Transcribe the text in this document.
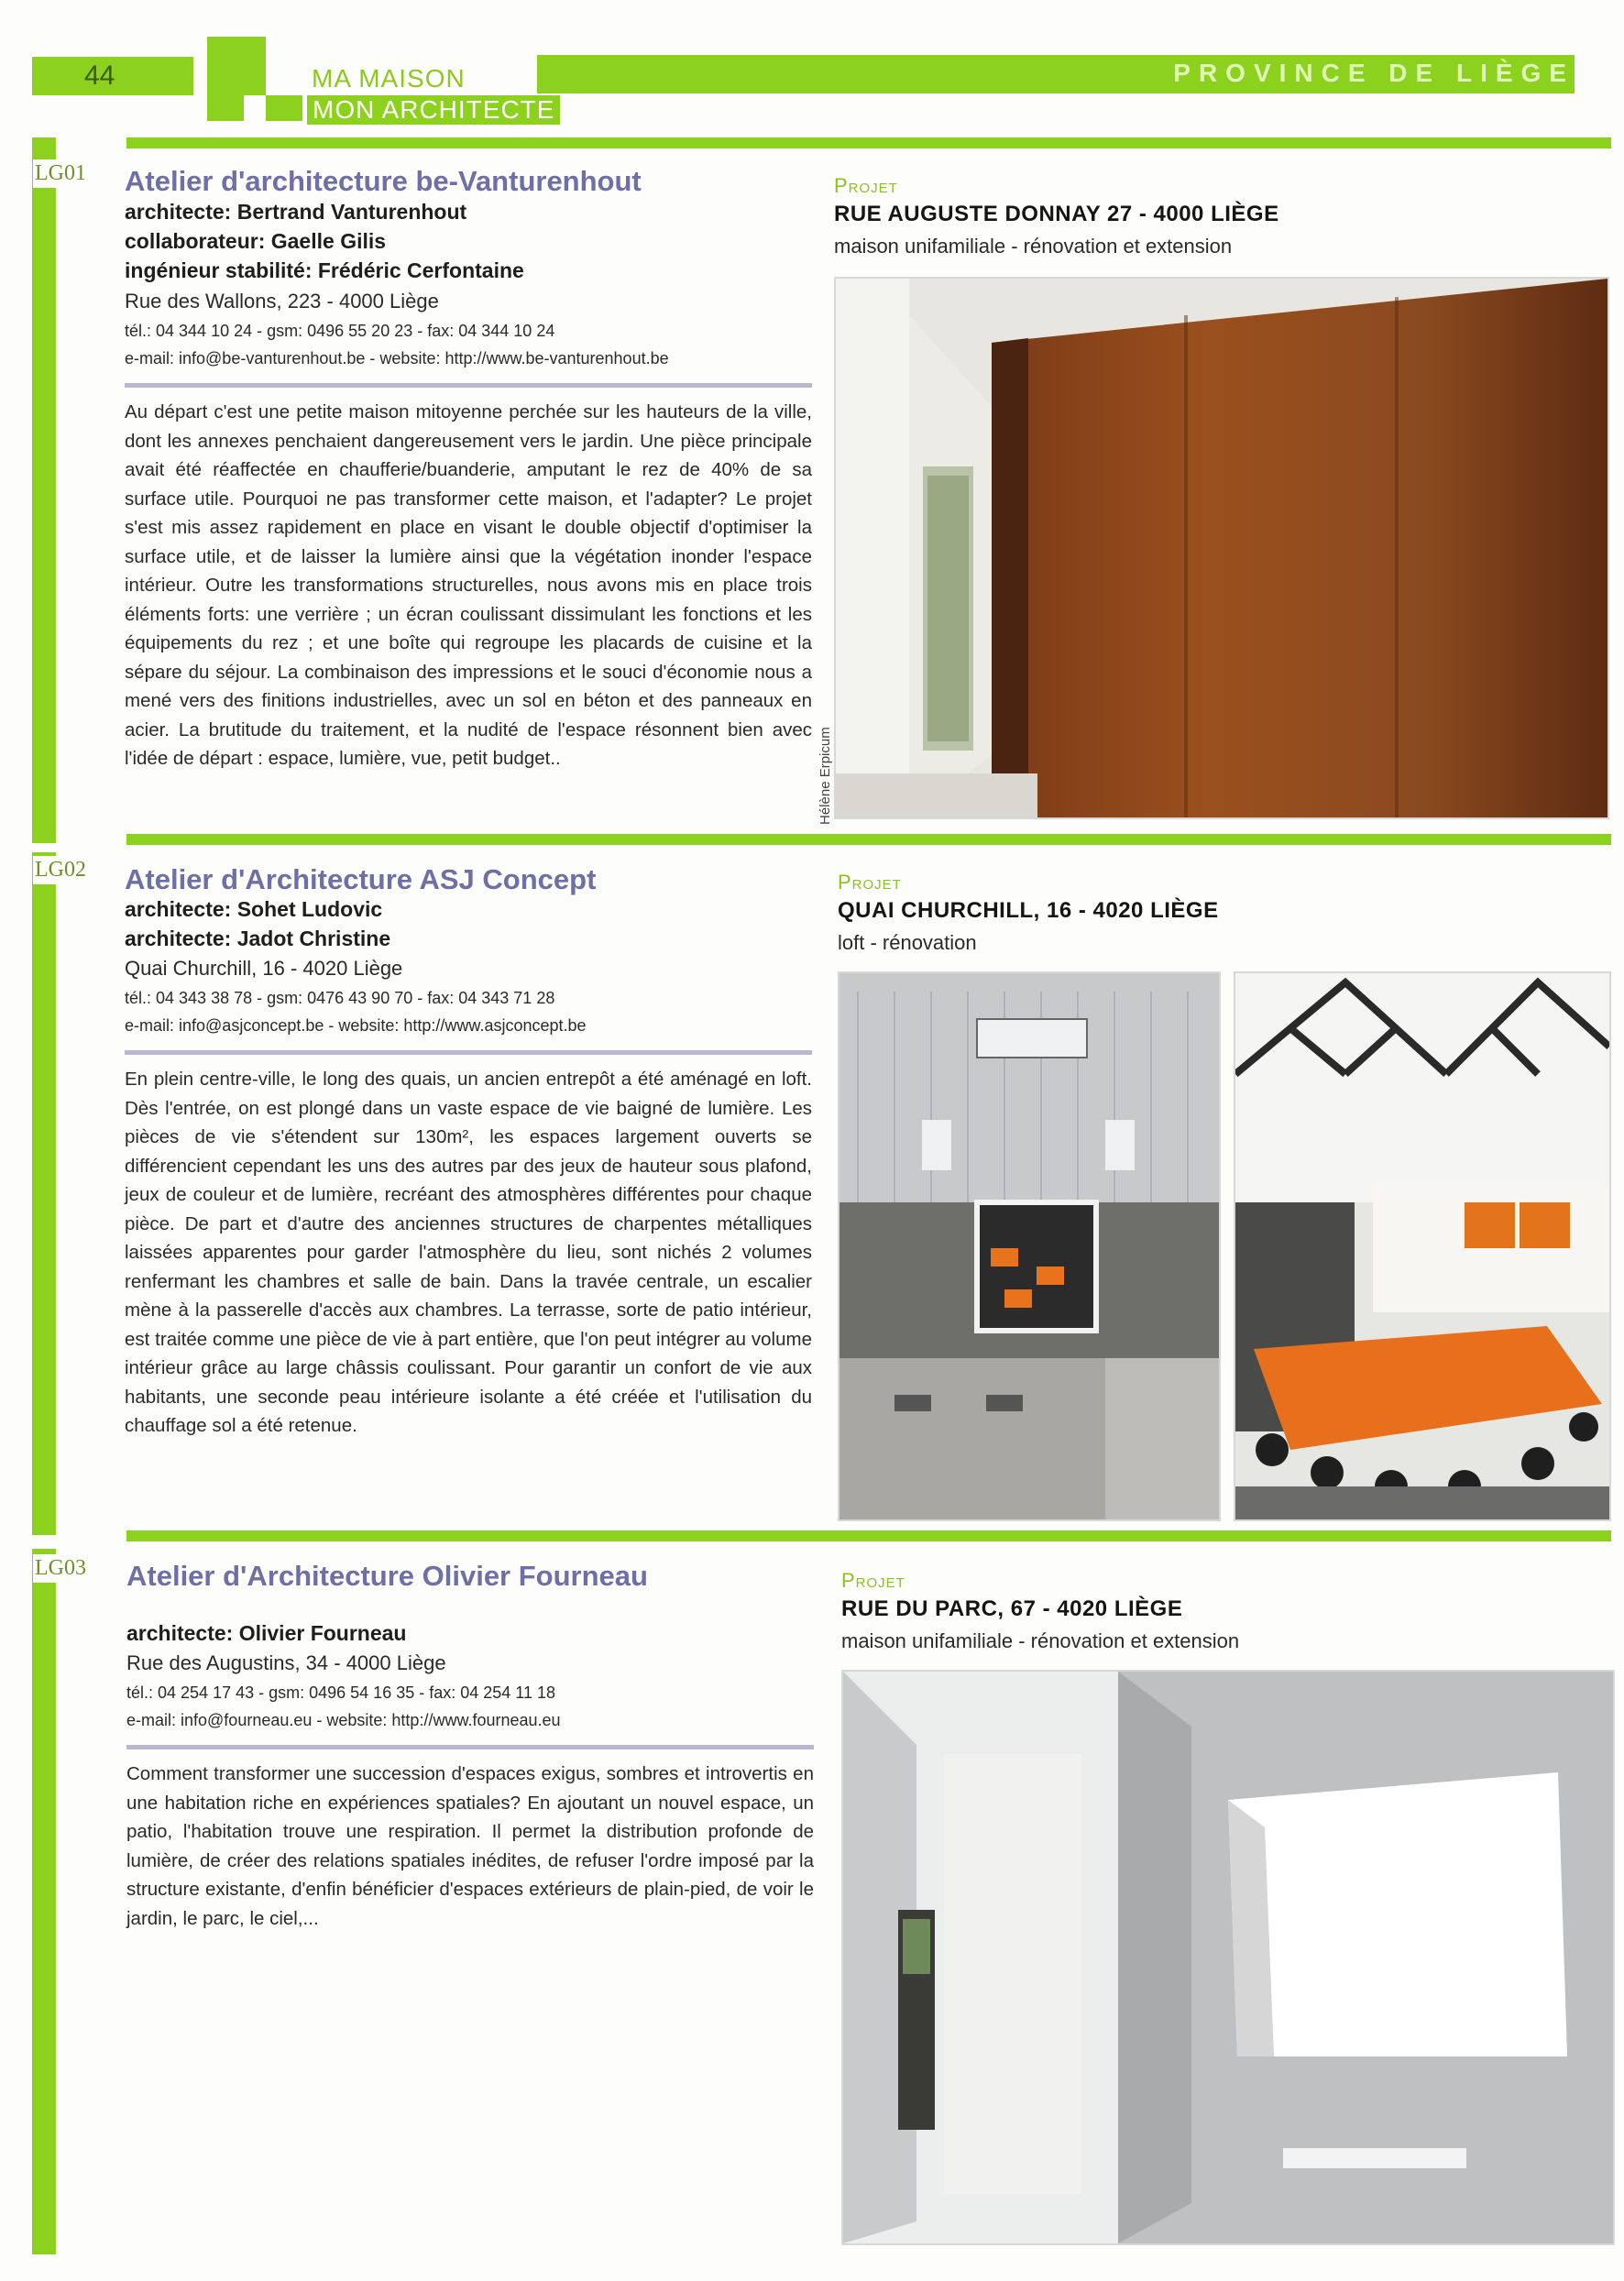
44	MA MAISON
MON ARCHITECTE
PROVINCE DE LIÈGE
LG01 Atelier d'architecture be-Vanturenhout
architecte: Bertrand Vanturenhout
collaborateur: Gaelle Gilis
ingénieur stabilité: Frédéric Cerfontaine
Rue des Wallons, 223 - 4000 Liège
tél.: 04 344 10 24 - gsm: 0496 55 20 23 - fax: 04 344 10 24
e-mail: info@be-vanturenhout.be - website: http://www.be-vanturenhout.be
Au départ c'est une petite maison mitoyenne perchée sur les hauteurs de la ville, dont les annexes penchaient dangereusement vers le jardin. Une pièce principale avait été réaffectée en chaufferie/buanderie, amputant le rez de 40% de sa surface utile. Pourquoi ne pas transformer cette maison, et l'adapter? Le projet s'est mis assez rapidement en place en visant le double objectif d'optimiser la surface utile, et de laisser la lumière ainsi que la végétation inonder l'espace intérieur. Outre les transformations structurelles, nous avons mis en place trois éléments forts: une verrière ; un écran coulissant dissimulant les fonctions et les équipements du rez ; et une boîte qui regroupe les placards de cuisine et la sépare du séjour. La combinaison des impressions et le souci d'économie nous a mené vers des finitions industrielles, avec un sol en béton et des panneaux en acier. La brutitude du traitement, et la nudité de l'espace résonnent bien avec l'idée de départ : espace, lumière, vue, petit budget..
Projet
RUE AUGUSTE DONNAY 27 - 4000 LIÈGE
maison unifamiliale - rénovation et extension
Hélène Erpicum
LG02 Atelier d'Architecture ASJ Concept
architecte: Sohet Ludovic
architecte: Jadot Christine
Quai Churchill, 16 - 4020 Liège
tél.: 04 343 38 78 - gsm: 0476 43 90 70 - fax: 04 343 71 28
e-mail: info@asjconcept.be - website: http://www.asjconcept.be
En plein centre-ville, le long des quais, un ancien entrepôt a été aménagé en loft. Dès l'entrée, on est plongé dans un vaste espace de vie baigné de lumière. Les pièces de vie s'étendent sur 130m², les espaces largement ouverts se différencient cependant les uns des autres par des jeux de hauteur sous plafond, jeux de couleur et de lumière, recréant des atmosphères différentes pour chaque pièce. De part et d'autre des anciennes structures de charpentes métalliques laissées apparentes pour garder l'atmosphère du lieu, sont nichés 2 volumes renfermant les chambres et salle de bain. Dans la travée centrale, un escalier mène à la passerelle d'accès aux chambres. La terrasse, sorte de patio intérieur, est traitée comme une pièce de vie à part entière, que l'on peut intégrer au volume intérieur grâce au large châssis coulissant. Pour garantir un confort de vie aux habitants, une seconde peau intérieure isolante a été créée et l'utilisation du chauffage sol a été retenue.
Projet
QUAI CHURCHILL, 16 - 4020 LIÈGE
loft - rénovation
LG03 Atelier d'Architecture Olivier Fourneau
architecte: Olivier Fourneau
Rue des Augustins, 34 - 4000 Liège
tél.: 04 254 17 43 - gsm: 0496 54 16 35 - fax: 04 254 11 18
e-mail: info@fourneau.eu - website: http://www.fourneau.eu
Comment transformer une succession d'espaces exigus, sombres et introvertis en une habitation riche en expériences spatiales? En ajoutant un nouvel espace, un patio, l'habitation trouve une respiration. Il permet la distribution profonde de lumière, de créer des relations spatiales inédites, de refuser l'ordre imposé par la structure existante, d'enfin bénéficier d'espaces extérieurs de plain-pied, de voir le jardin, le parc, le ciel,...
Projet
RUE DU PARC, 67 - 4020 LIÈGE
maison unifamiliale - rénovation et extension
